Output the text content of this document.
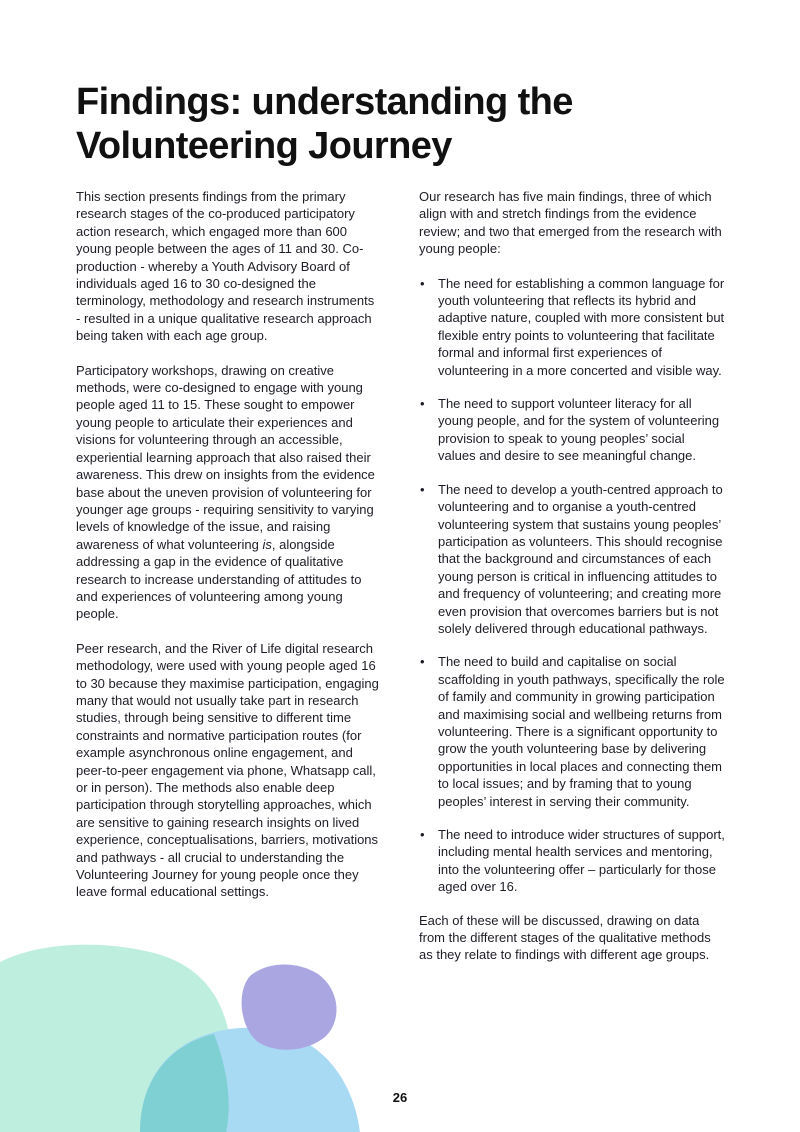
Findings: understanding the Volunteering Journey

This section presents findings from the primary research stages of the co-produced participatory action research, which engaged more than 600 young people between the ages of 11 and 30. Co-production - whereby a Youth Advisory Board of individuals aged 16 to 30 co-designed the terminology, methodology and research instruments - resulted in a unique qualitative research approach being taken with each age group.

Participatory workshops, drawing on creative methods, were co-designed to engage with young people aged 11 to 15. These sought to empower young people to articulate their experiences and visions for volunteering through an accessible, experiential learning approach that also raised their awareness. This drew on insights from the evidence base about the uneven provision of volunteering for younger age groups - requiring sensitivity to varying levels of knowledge of the issue, and raising awareness of what volunteering is, alongside addressing a gap in the evidence of qualitative research to increase understanding of attitudes to and experiences of volunteering among young people.

Peer research, and the River of Life digital research methodology, were used with young people aged 16 to 30 because they maximise participation, engaging many that would not usually take part in research studies, through being sensitive to different time constraints and normative participation routes (for example asynchronous online engagement, and peer-to-peer engagement via phone, Whatsapp call, or in person). The methods also enable deep participation through storytelling approaches, which are sensitive to gaining research insights on lived experience, conceptualisations, barriers, motivations and pathways - all crucial to understanding the Volunteering Journey for young people once they leave formal educational settings.

Our research has five main findings, three of which align with and stretch findings from the evidence review; and two that emerged from the research with young people:

• The need for establishing a common language for youth volunteering that reflects its hybrid and adaptive nature, coupled with more consistent but flexible entry points to volunteering that facilitate formal and informal first experiences of volunteering in a more concerted and visible way.
• The need to support volunteer literacy for all young people, and for the system of volunteering provision to speak to young peoples’ social values and desire to see meaningful change.
• The need to develop a youth-centred approach to volunteering and to organise a youth-centred volunteering system that sustains young peoples’ participation as volunteers. This should recognise that the background and circumstances of each young person is critical in influencing attitudes to and frequency of volunteering; and creating more even provision that overcomes barriers but is not solely delivered through educational pathways.
• The need to build and capitalise on social scaffolding in youth pathways, specifically the role of family and community in growing participation and maximising social and wellbeing returns from volunteering. There is a significant opportunity to grow the youth volunteering base by delivering opportunities in local places and connecting them to local issues; and by framing that to young peoples’ interest in serving their community.
• The need to introduce wider structures of support, including mental health services and mentoring, into the volunteering offer – particularly for those aged over 16.

Each of these will be discussed, drawing on data from the different stages of the qualitative methods as they relate to findings with different age groups.

26
